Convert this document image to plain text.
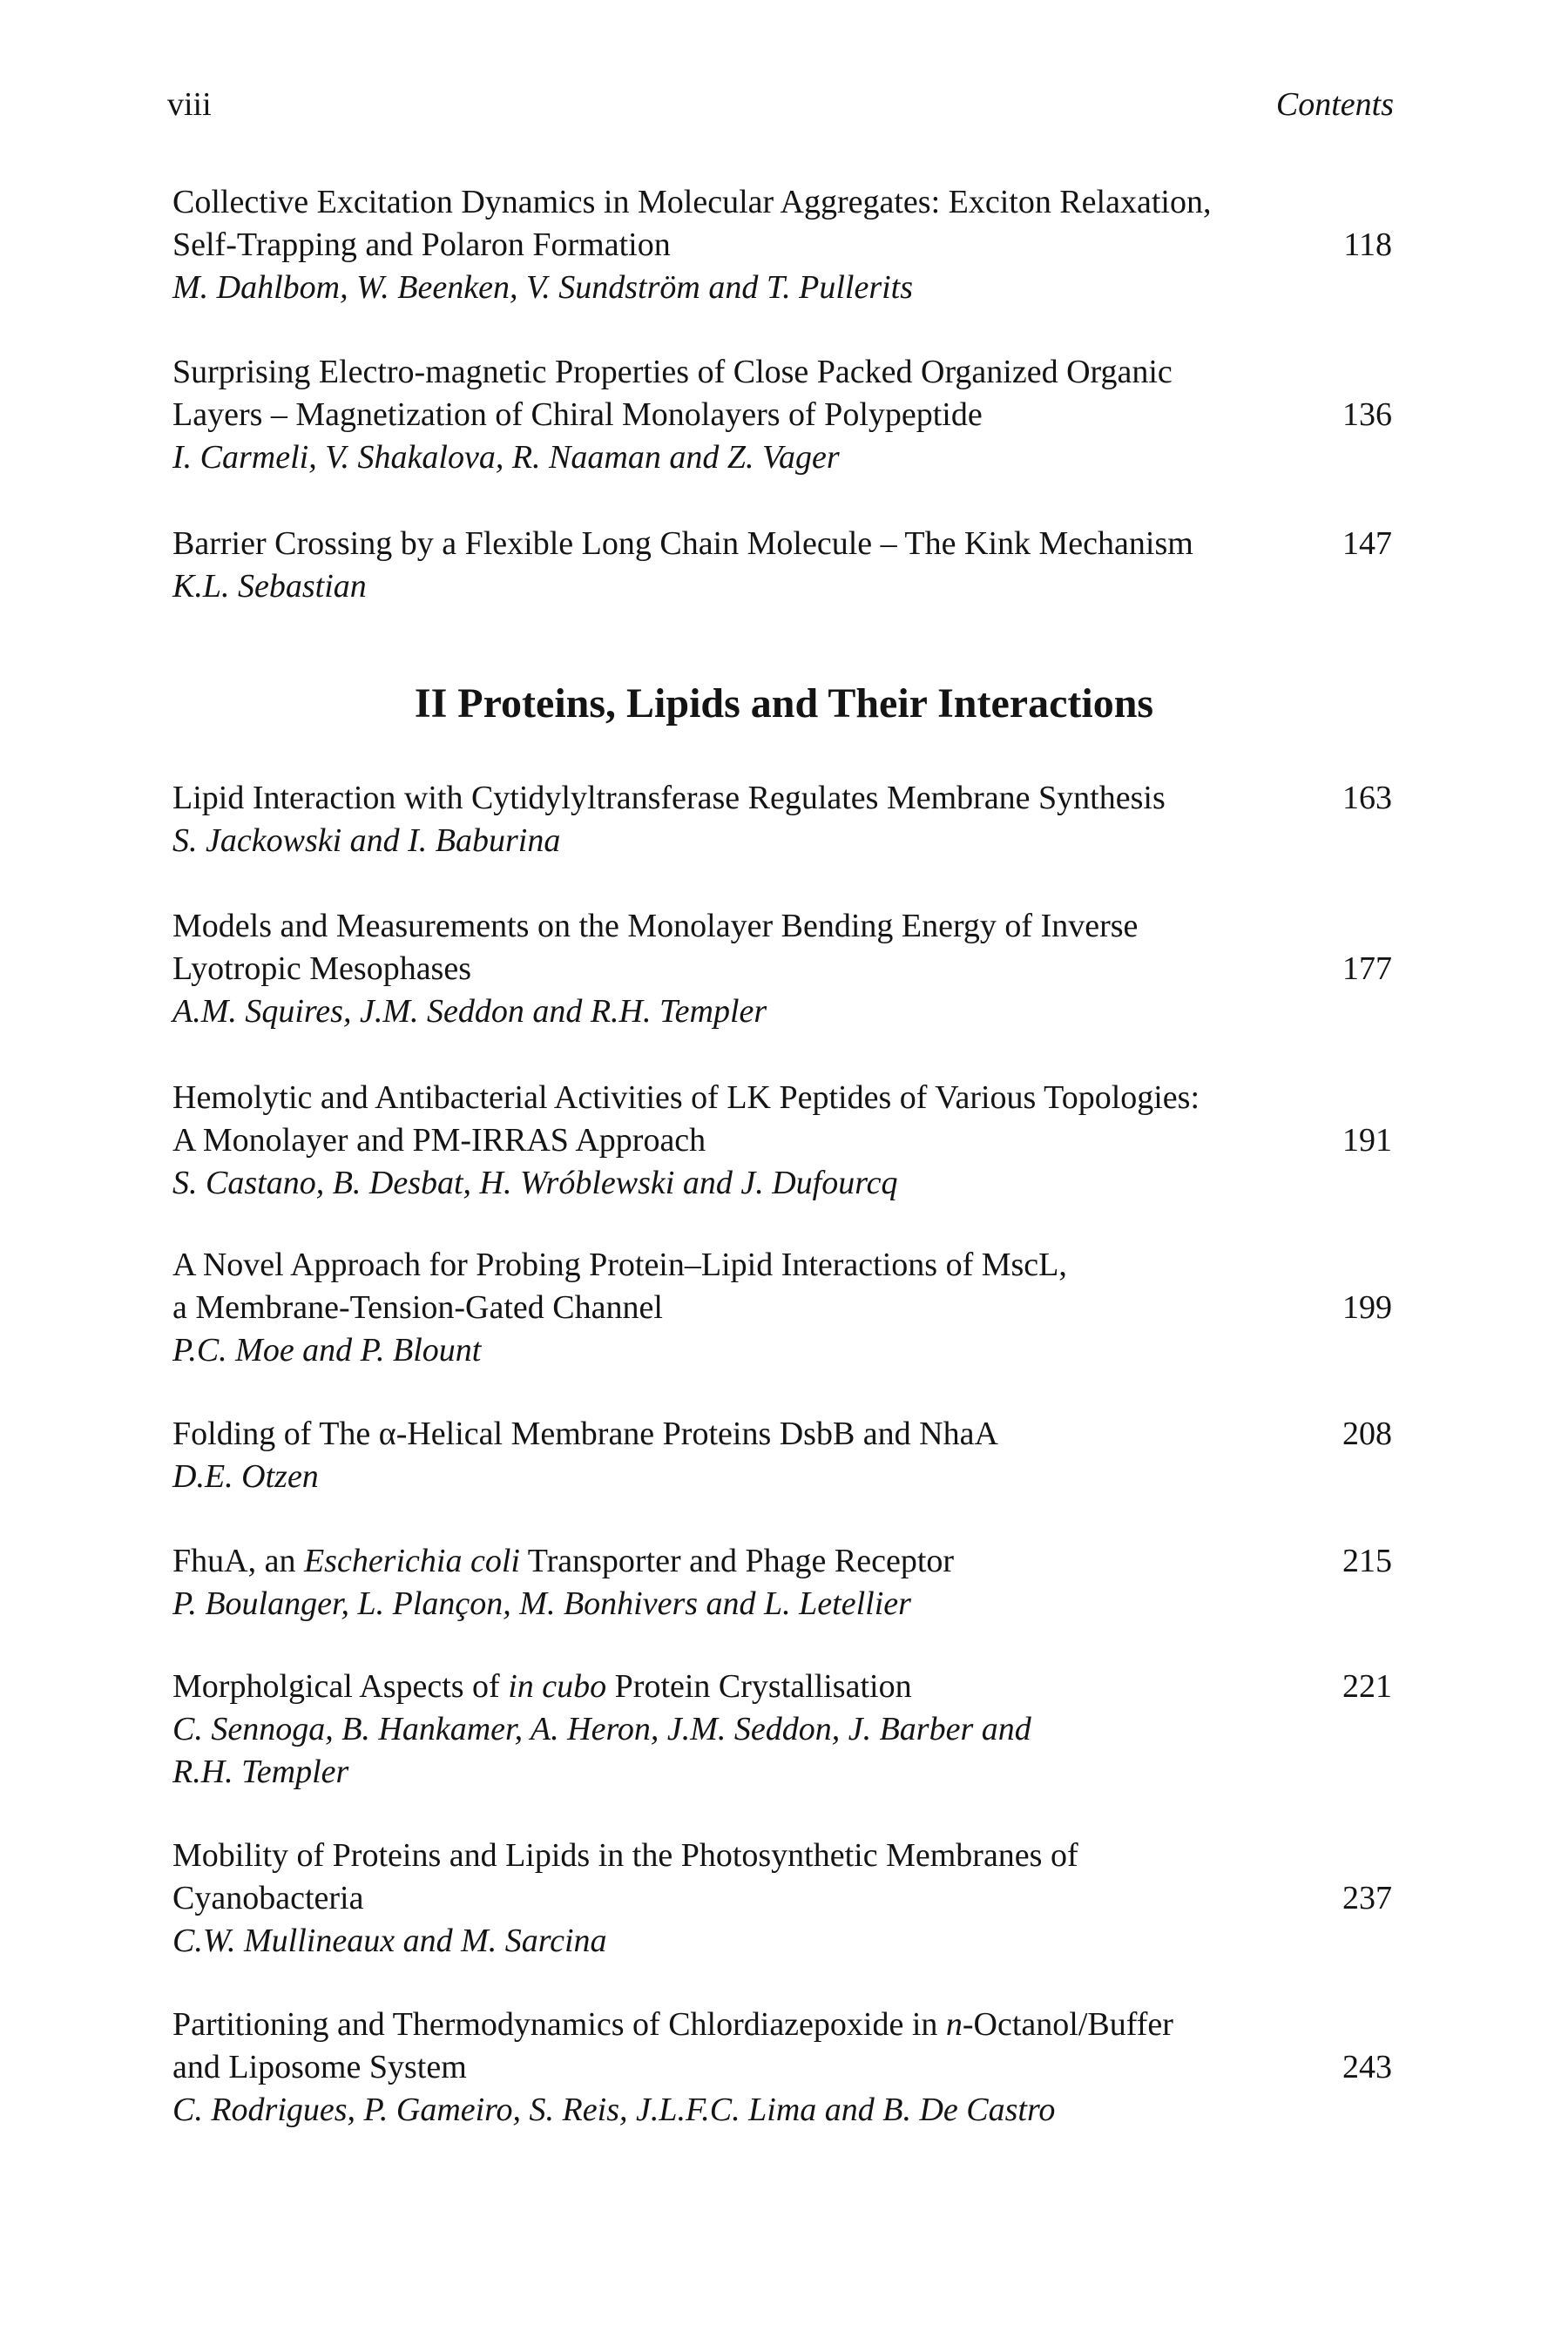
viii	Contents
Collective Excitation Dynamics in Molecular Aggregates: Exciton Relaxation,
Self-Trapping and Polaron Formation	118
M. Dahlbom, W. Beenken, V. Sundström and T. Pullerits
Surprising Electro-magnetic Properties of Close Packed Organized Organic
Layers – Magnetization of Chiral Monolayers of Polypeptide	136
I. Carmeli, V. Shakalova, R. Naaman and Z. Vager
Barrier Crossing by a Flexible Long Chain Molecule – The Kink Mechanism	147
K.L. Sebastian
II Proteins, Lipids and Their Interactions
Lipid Interaction with Cytidylyltransferase Regulates Membrane Synthesis	163
S. Jackowski and I. Baburina
Models and Measurements on the Monolayer Bending Energy of Inverse
Lyotropic Mesophases	177
A.M. Squires, J.M. Seddon and R.H. Templer
Hemolytic and Antibacterial Activities of LK Peptides of Various Topologies:
A Monolayer and PM-IRRAS Approach	191
S. Castano, B. Desbat, H. Wróblewski and J. Dufourcq
A Novel Approach for Probing Protein–Lipid Interactions of MscL,
a Membrane-Tension-Gated Channel	199
P.C. Moe and P. Blount
Folding of The α-Helical Membrane Proteins DsbB and NhaA	208
D.E. Otzen
FhuA, an Escherichia coli Transporter and Phage Receptor	215
P. Boulanger, L. Plançon, M. Bonhivers and L. Letellier
Morpholgical Aspects of in cubo Protein Crystallisation	221
C. Sennoga, B. Hankamer, A. Heron, J.M. Seddon, J. Barber and
R.H. Templer
Mobility of Proteins and Lipids in the Photosynthetic Membranes of
Cyanobacteria	237
C.W. Mullineaux and M. Sarcina
Partitioning and Thermodynamics of Chlordiazepoxide in n-Octanol/Buffer
and Liposome System	243
C. Rodrigues, P. Gameiro, S. Reis, J.L.F.C. Lima and B. De Castro
